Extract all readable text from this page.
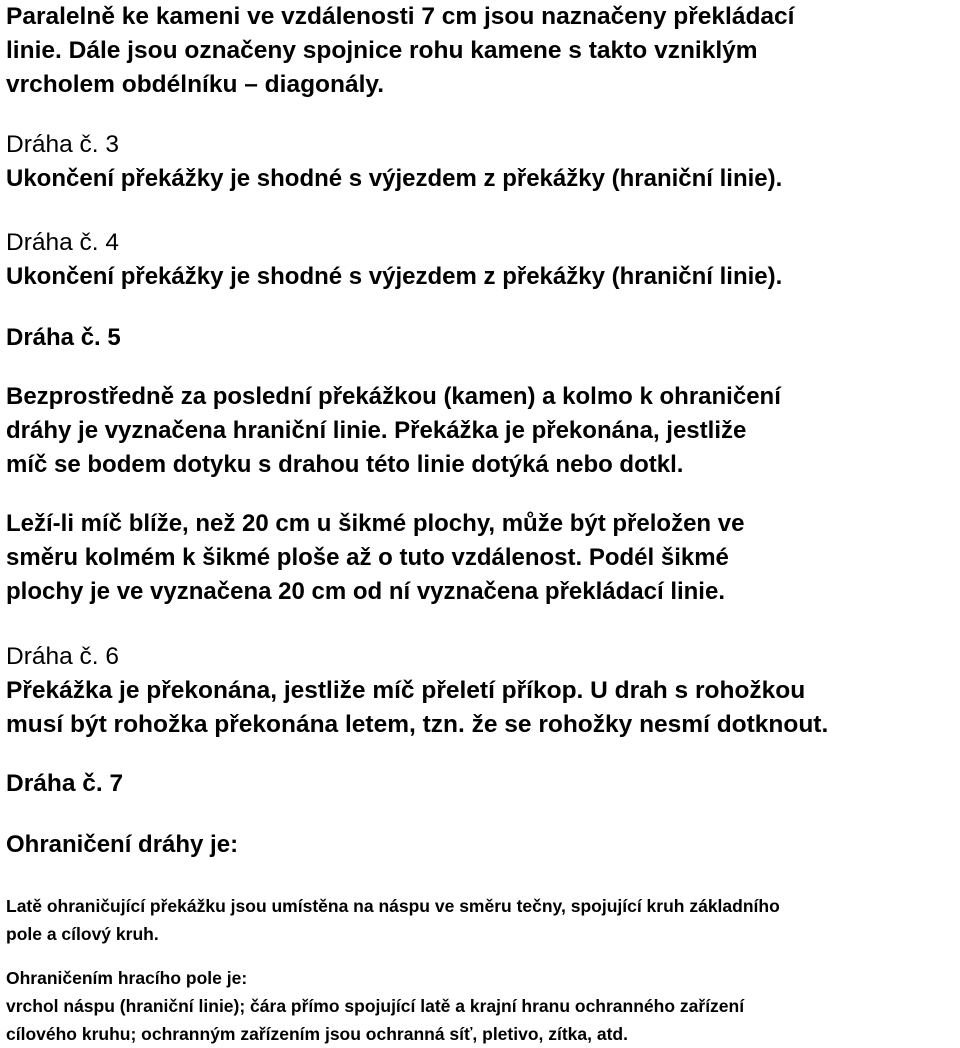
Paralelně ke kameni ve vzdálenosti 7 cm jsou naznačeny překládací
linie. Dále jsou označeny spojnice rohu kamene s takto vzniklým
vrcholem obdélníku – diagonály.
Dráha č. 3
Ukončení překážky je shodné s výjezdem z překážky (hraniční linie).
Dráha č. 4
Ukončení překážky je shodné s výjezdem z překážky (hraniční linie).
Dráha č. 5
Bezprostředně za poslední překážkou (kamen) a kolmo k ohraničení
dráhy je vyznačena hraniční linie. Překážka je překonána, jestliže
míč se bodem dotyku s drahou této linie dotýká nebo dotkl.
Leží-li míč blíže, než 20 cm u šikmé plochy, může být přeložen ve
směru kolmém k šikmé ploše až o tuto vzdálenost. Podél šikmé
plochy je ve vyznačena 20 cm od ní vyznačena překládací linie.
Dráha č. 6
Překážka je překonána, jestliže míč přeletí příkop. U drah s rohožkou
musí být rohožka překonána letem, tzn. že se rohožky nesmí dotknout.
Dráha č. 7
Ohraničení dráhy je:
Latě ohraničující překážku jsou umístěna na náspu ve směru tečny, spojující kruh základního
pole a cílový kruh.
Ohraničením hracího pole je:
vrchol náspu (hraniční linie); čára přímo spojující latě a krajní hranu ochranného zařízení
cílového kruhu; ochranným zařízením jsou ochranná síť, pletivo, zítka, atd.
